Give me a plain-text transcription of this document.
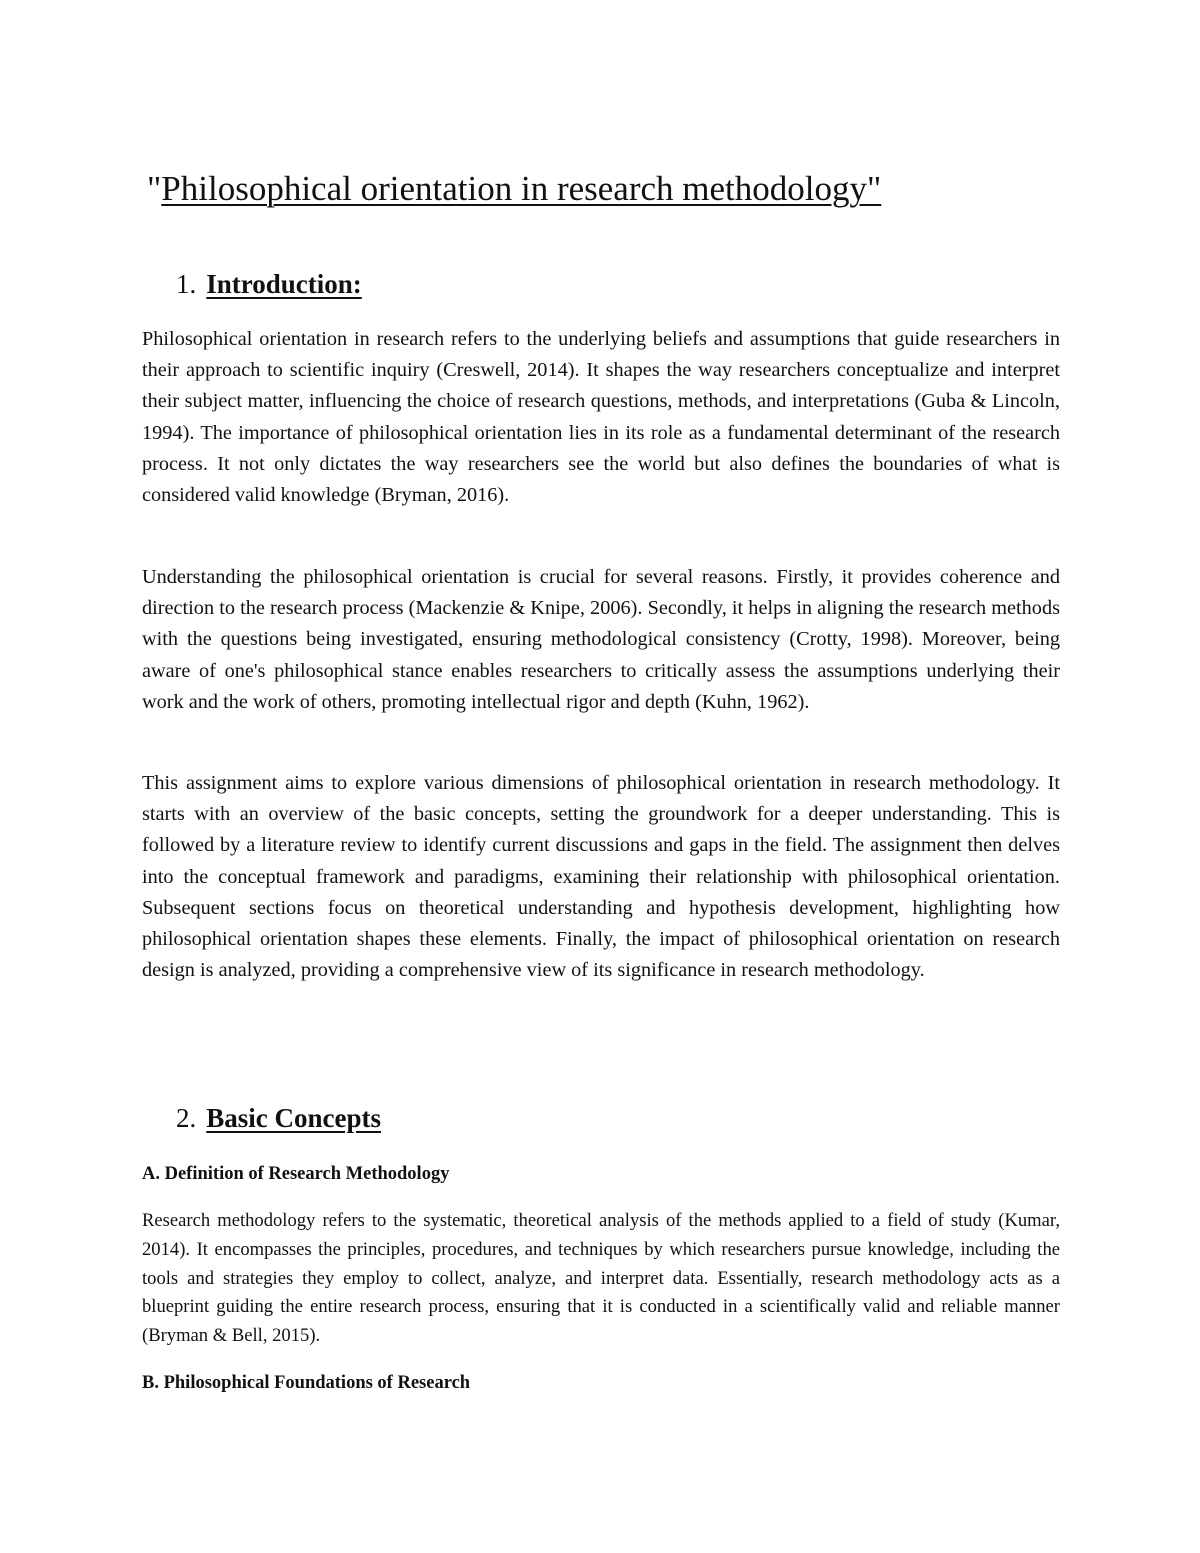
"Philosophical orientation in research methodology"
1. Introduction:

Philosophical orientation in research refers to the underlying beliefs and assumptions that guide researchers in their approach to scientific inquiry (Creswell, 2014). It shapes the way researchers conceptualize and interpret their subject matter, influencing the choice of research questions, methods, and interpretations (Guba & Lincoln, 1994). The importance of philosophical orientation lies in its role as a fundamental determinant of the research process. It not only dictates the way researchers see the world but also defines the boundaries of what is considered valid knowledge (Bryman, 2016).

Understanding the philosophical orientation is crucial for several reasons. Firstly, it provides coherence and direction to the research process (Mackenzie & Knipe, 2006). Secondly, it helps in aligning the research methods with the questions being investigated, ensuring methodological consistency (Crotty, 1998). Moreover, being aware of one's philosophical stance enables researchers to critically assess the assumptions underlying their work and the work of others, promoting intellectual rigor and depth (Kuhn, 1962).

This assignment aims to explore various dimensions of philosophical orientation in research methodology. It starts with an overview of the basic concepts, setting the groundwork for a deeper understanding. This is followed by a literature review to identify current discussions and gaps in the field. The assignment then delves into the conceptual framework and paradigms, examining their relationship with philosophical orientation. Subsequent sections focus on theoretical understanding and hypothesis development, highlighting how philosophical orientation shapes these elements. Finally, the impact of philosophical orientation on research design is analyzed, providing a comprehensive view of its significance in research methodology.

2. Basic Concepts
A. Definition of Research Methodology

Research methodology refers to the systematic, theoretical analysis of the methods applied to a field of study (Kumar, 2014). It encompasses the principles, procedures, and techniques by which researchers pursue knowledge, including the tools and strategies they employ to collect, analyze, and interpret data. Essentially, research methodology acts as a blueprint guiding the entire research process, ensuring that it is conducted in a scientifically valid and reliable manner (Bryman & Bell, 2015).

B. Philosophical Foundations of Research
